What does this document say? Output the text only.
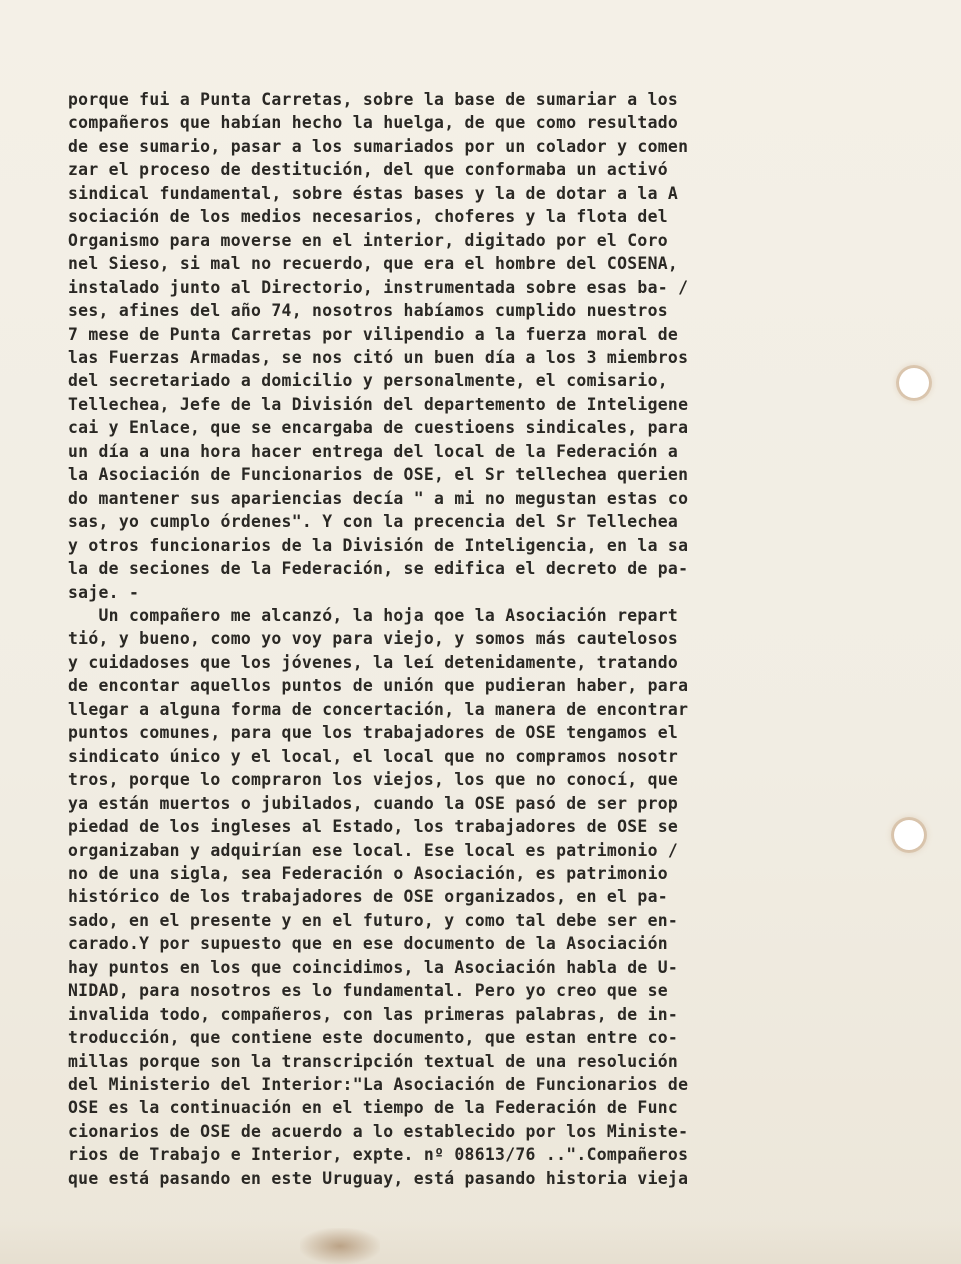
porque fui a Punta Carretas, sobre la base de sumariar a los
compañeros que habían hecho la huelga, de que como resultado
de ese sumario, pasar a los sumariados por un colador y comen
zar el proceso de destitución, del que conformaba un activó
sindical fundamental, sobre éstas bases y la de dotar a la A
sociación de los medios necesarios, choferes y la flota del
Organismo para moverse en el interior, digitado por el Coro
nel Sieso, si mal no recuerdo, que era el hombre del COSENA,
instalado junto al Directorio, instrumentada sobre esas ba- /
ses, afines del año 74, nosotros habíamos cumplido nuestros
7 mese de Punta Carretas por vilipendio a la fuerza moral de
las Fuerzas Armadas, se nos citó un buen día a los 3 miembros
del secretariado a domicilio y personalmente, el comisario,
Tellechea, Jefe de la División del departemento de Inteligene
cai y Enlace, que se encargaba de cuestioens sindicales, para
un día a una hora hacer entrega del local de la Federación a
la Asociación de Funcionarios de OSE, el Sr tellechea querien
do mantener sus apariencias decía " a mi no megustan estas co
sas, yo cumplo órdenes". Y con la precencia del Sr Tellechea
y otros funcionarios de la División de Inteligencia, en la sa
la de seciones de la Federación, se edifica el decreto de pa-
saje. -
Un compañero me alcanzó, la hoja qoe la Asociación repart
tió, y bueno, como yo voy para viejo, y somos más cautelosos
y cuidadoses que los jóvenes, la leí detenidamente, tratando
de encontar aquellos puntos de unión que pudieran haber, para
llegar a alguna forma de concertación, la manera de encontrar
puntos comunes, para que los trabajadores de OSE tengamos el
sindicato único y el local, el local que no compramos nosotr
tros, porque lo compraron los viejos, los que no conocí, que
ya están muertos o jubilados, cuando la OSE pasó de ser prop
piedad de los ingleses al Estado, los trabajadores de OSE se
organizaban y adquirían ese local. Ese local es patrimonio /
no de una sigla, sea Federación o Asociación, es patrimonio
histórico de los trabajadores de OSE organizados, en el pa-
sado, en el presente y en el futuro, y como tal debe ser en-
carado.Y por supuesto que en ese documento de la Asociación
hay puntos en los que coincidimos, la Asociación habla de U-
NIDAD, para nosotros es lo fundamental. Pero yo creo que se
invalida todo, compañeros, con las primeras palabras, de in-
troducción, que contiene este documento, que estan entre co-
millas porque son la transcripción textual de una resolución
del Ministerio del Interior:"La Asociación de Funcionarios de
OSE es la continuación en el tiempo de la Federación de Func
cionarios de OSE de acuerdo a lo establecido por los Ministe-
rios de Trabajo e Interior, expte. nº 08613/76 ..".Compañeros
que está pasando en este Uruguay, está pasando historia vieja
